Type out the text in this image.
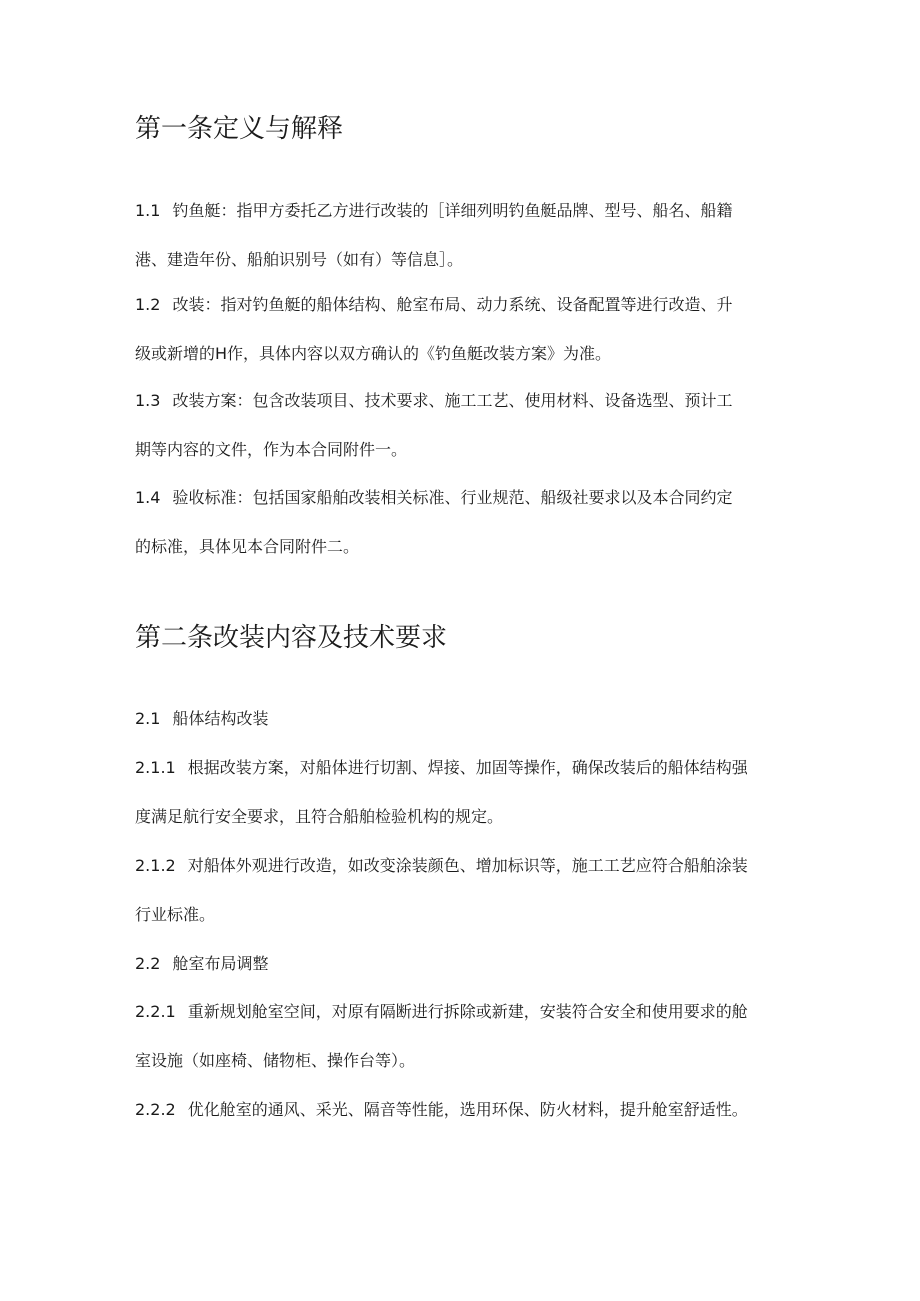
第一条定义与解释
1.1 钓鱼艇：指甲方委托乙方进行改装的［详细列明钓鱼艇品牌、型号、船名、船籍
港、建造年份、船舶识别号（如有）等信息］。
1.2 改装：指对钓鱼艇的船体结构、舱室布局、动力系统、设备配置等进行改造、升
级或新增的H作，具体内容以双方确认的《钓鱼艇改装方案》为准。
1.3 改装方案：包含改装项目、技术要求、施工工艺、使用材料、设备选型、预计工
期等内容的文件，作为本合同附件一。
1.4 验收标准：包括国家船舶改装相关标准、行业规范、船级社要求以及本合同约定
的标准，具体见本合同附件二。
第二条改装内容及技术要求
2.1 船体结构改装
2.1.1 根据改装方案，对船体进行切割、焊接、加固等操作，确保改装后的船体结构强
度满足航行安全要求，且符合船舶检验机构的规定。
2.1.2 对船体外观进行改造，如改变涂装颜色、增加标识等，施工工艺应符合船舶涂装
行业标准。
2.2 舱室布局调整
2.2.1 重新规划舱室空间，对原有隔断进行拆除或新建，安装符合安全和使用要求的舱
室设施（如座椅、储物柜、操作台等）。
2.2.2 优化舱室的通风、采光、隔音等性能，选用环保、防火材料，提升舱室舒适性。
